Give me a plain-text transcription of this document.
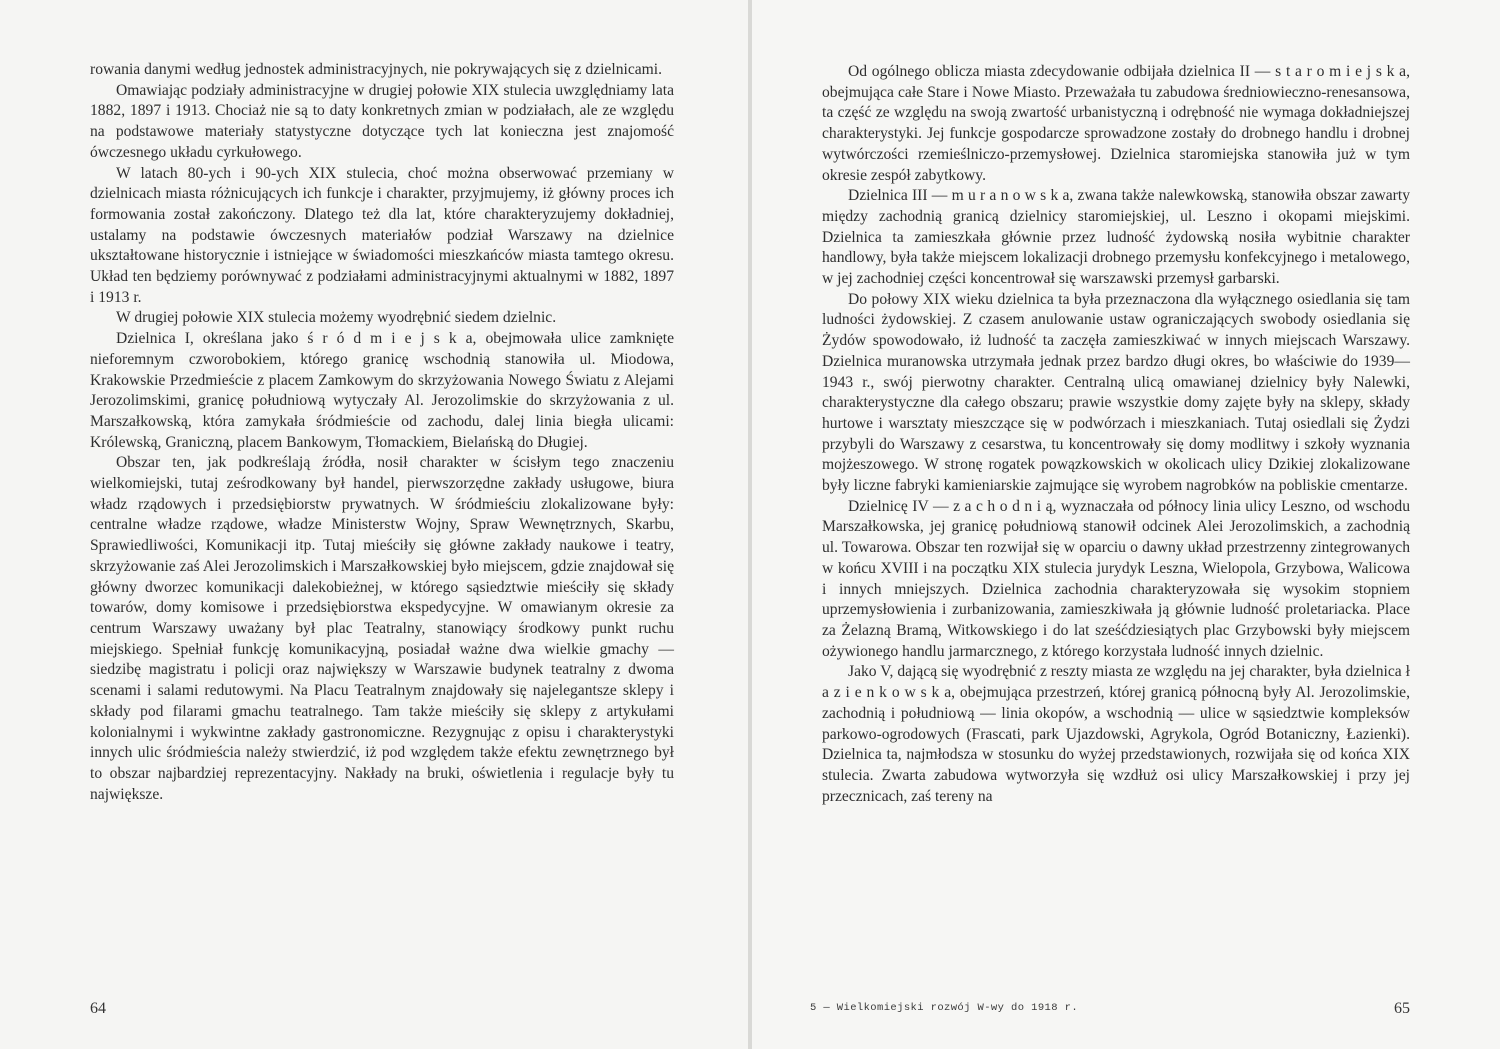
rowania danymi według jednostek administracyjnych, nie pokrywających się z dzielnicami.

Omawiając podziały administracyjne w drugiej połowie XIX stulecia uwzględniamy lata 1882, 1897 i 1913. Chociaż nie są to daty konkretnych zmian w podziałach, ale ze względu na podstawowe materiały statystyczne dotyczące tych lat konieczna jest znajomość ówczesnego układu cyrkułowego.

W latach 80-ych i 90-ych XIX stulecia, choć można obserwować przemiany w dzielnicach miasta różnicujących ich funkcje i charakter, przyjmujemy, iż główny proces ich formowania został zakończony. Dlatego też dla lat, które charakteryzujemy dokładniej, ustalamy na podstawie ówczesnych materiałów podział Warszawy na dzielnice ukształtowane historycznie i istniejące w świadomości mieszkańców miasta tamtego okresu. Układ ten będziemy porównywać z podziałami administracyjnymi aktualnymi w 1882, 1897 i 1913 r.

W drugiej połowie XIX stulecia możemy wyodrębnić siedem dzielnic.

Dzielnica I, określana jako ś r ó d m i e j s k a, obejmowała ulice zamknięte nieforemnym czworobokiem, którego granicę wschodnią stanowiła ul. Miodowa, Krakowskie Przedmieście z placem Zamkowym do skrzyżowania Nowego Światu z Alejami Jerozolimskimi, granicę południową wytyczały Al. Jerozolimskie do skrzyżowania z ul. Marszałkowską, która zamykała śródmieście od zachodu, dalej linia biegła ulicami: Królewską, Graniczną, placem Bankowym, Tłomackiem, Bielańską do Długiej.

Obszar ten, jak podkreślają źródła, nosił charakter w ścisłym tego znaczeniu wielkomiejski, tutaj ześrodkowany był handel, pierwszorzędne zakłady usługowe, biura władz rządowych i przedsiębiorstw prywatnych. W śródmieściu zlokalizowane były: centralne władze rządowe, władze Ministerstw Wojny, Spraw Wewnętrznych, Skarbu, Sprawiedliwości, Komunikacji itp. Tutaj mieściły się główne zakłady naukowe i teatry, skrzyżowanie zaś Alei Jerozolimskich i Marszałkowskiej było miejscem, gdzie znajdował się główny dworzec komunikacji dalekobieżnej, w którego sąsiedztwie mieściły się składy towarów, domy komisowe i przedsiębiorstwa ekspedycyjne. W omawianym okresie za centrum Warszawy uważany był plac Teatralny, stanowiący środkowy punkt ruchu miejskiego. Spełniał funkcję komunikacyjną, posiadał ważne dwa wielkie gmachy — siedzibę magistratu i policji oraz największy w Warszawie budynek teatralny z dwoma scenami i salami redutowymi. Na Placu Teatralnym znajdowały się najelegantsze sklepy i składy pod filarami gmachu teatralnego. Tam także mieściły się sklepy z artykułami kolonialnymi i wykwintne zakłady gastronomiczne. Rezygnując z opisu i charakterystyki innych ulic śródmieścia należy stwierdzić, iż pod względem także efektu zewnętrznego był to obszar najbardziej reprezentacyjny. Nakłady na bruki, oświetlenia i regulacje były tu największe.

64

Od ogólnego oblicza miasta zdecydowanie odbijała dzielnica II — s t a r o m i e j s k a, obejmująca całe Stare i Nowe Miasto. Przeważała tu zabudowa średniowieczno-renesansowa, ta część ze względu na swoją zwartość urbanistyczną i odrębność nie wymaga dokładniejszej charakterystyki. Jej funkcje gospodarcze sprowadzone zostały do drobnego handlu i drobnej wytwórczości rzemieślniczo-przemysłowej. Dzielnica staromiejska stanowiła już w tym okresie zespół zabytkowy.

Dzielnica III — m u r a n o w s k a, zwana także nalewkowską, stanowiła obszar zawarty między zachodnią granicą dzielnicy staromiejskiej, ul. Leszno i okopami miejskimi. Dzielnica ta zamieszkała głównie przez ludność żydowską nosiła wybitnie charakter handlowy, była także miejscem lokalizacji drobnego przemysłu konfekcyjnego i metalowego, w jej zachodniej części koncentrował się warszawski przemysł garbarski.

Do połowy XIX wieku dzielnica ta była przeznaczona dla wyłącznego osiedlania się tam ludności żydowskiej. Z czasem anulowanie ustaw ograniczających swobody osiedlania się Żydów spowodowało, iż ludność ta zaczęła zamieszkiwać w innych miejscach Warszawy. Dzielnica muranowska utrzymała jednak przez bardzo długi okres, bo właściwie do 1939—1943 r., swój pierwotny charakter. Centralną ulicą omawianej dzielnicy były Nalewki, charakterystyczne dla całego obszaru; prawie wszystkie domy zajęte były na sklepy, składy hurtowe i warsztaty mieszczące się w podwórzach i mieszkaniach. Tutaj osiedlali się Żydzi przybyli do Warszawy z cesarstwa, tu koncentrowały się domy modlitwy i szkoły wyznania mojżeszowego. W stronę rogatek powązkowskich w okolicach ulicy Dzikiej zlokalizowane były liczne fabryki kamieniarskie zajmujące się wyrobem nagrobków na pobliskie cmentarze.

Dzielnicę IV — z a c h o d n i ą, wyznaczała od północy linia ulicy Leszno, od wschodu Marszałkowska, jej granicę południową stanowił odcinek Alei Jerozolimskich, a zachodnią ul. Towarowa. Obszar ten rozwijał się w oparciu o dawny układ przestrzenny zintegrowanych w końcu XVIII i na początku XIX stulecia jurydyk Leszna, Wielopola, Grzybowa, Walicowa i innych mniejszych. Dzielnica zachodnia charakteryzowała się wysokim stopniem uprzemysłowienia i zurbanizowania, zamieszkiwała ją głównie ludność proletariacka. Place za Żelazną Bramą, Witkowskiego i do lat sześćdziesiątych plac Grzybowski były miejscem ożywionego handlu jarmarcznego, z którego korzystała ludność innych dzielnic.

Jako V, dającą się wyodrębnić z reszty miasta ze względu na jej charakter, była dzielnica ł a z i e n k o w s k a, obejmująca przestrzeń, której granicą północną były Al. Jerozolimskie, zachodnią i południową — linia okopów, a wschodnią — ulice w sąsiedztwie kompleksów parkowo-ogrodowych (Frascati, park Ujazdowski, Agrykola, Ogród Botaniczny, Łazienki). Dzielnica ta, najmłodsza w stosunku do wyżej przedstawionych, rozwijała się od końca XIX stulecia. Zwarta zabudowa wytworzyła się wzdłuż osi ulicy Marszałkowskiej i przy jej przecznicach, zaś tereny na

5 — Wielkomiejski rozwój W-wy do 1918 r.	65
